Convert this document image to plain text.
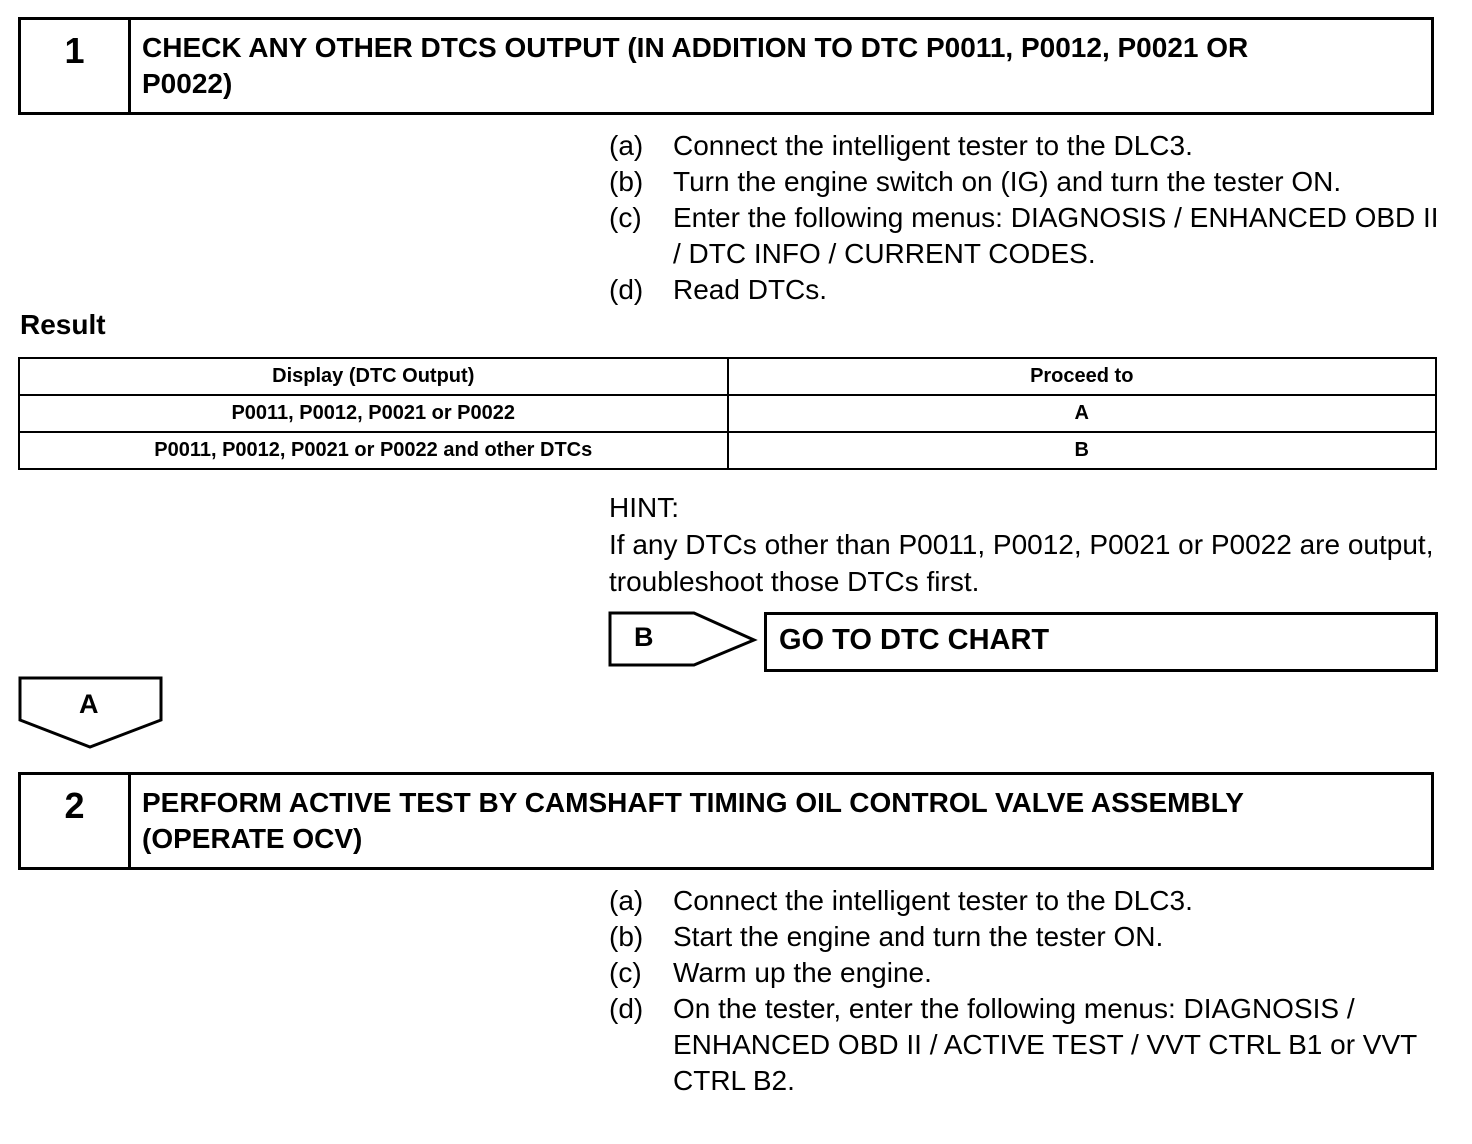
1	CHECK ANY OTHER DTCS OUTPUT (IN ADDITION TO DTC P0011, P0012, P0021 OR
P0022)
(a)	Connect the intelligent tester to the DLC3.
(b)	Turn the engine switch on (IG) and turn the tester ON.
(c)	Enter the following menus: DIAGNOSIS / ENHANCED OBD II / DTC INFO / CURRENT CODES.
(d)	Read DTCs.
Result
Display (DTC Output)	Proceed to
P0011, P0012, P0021 or P0022	A
P0011, P0012, P0021 or P0022 and other DTCs	B
HINT:
If any DTCs other than P0011, P0012, P0021 or P0022 are output, troubleshoot those DTCs first.
B	GO TO DTC CHART
A
2	PERFORM ACTIVE TEST BY CAMSHAFT TIMING OIL CONTROL VALVE ASSEMBLY
(OPERATE OCV)
(a)	Connect the intelligent tester to the DLC3.
(b)	Start the engine and turn the tester ON.
(c)	Warm up the engine.
(d)	On the tester, enter the following menus: DIAGNOSIS / ENHANCED OBD II / ACTIVE TEST / VVT CTRL B1 or VVT CTRL B2.
